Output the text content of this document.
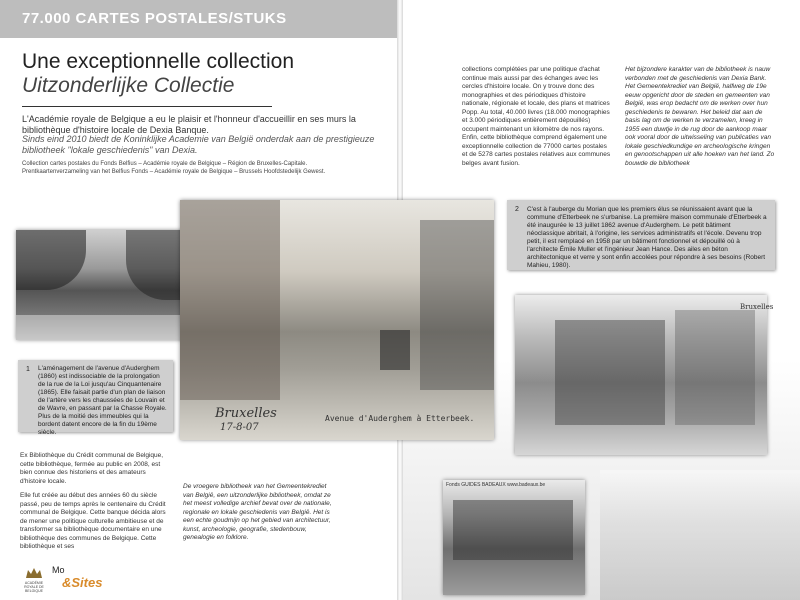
77.000 CARTES POSTALES/STUKS
Une exceptionnelle collection
Uitzonderlijke Collectie
L'Académie royale de Belgique a eu le plaisir et l'honneur d'accueillir en ses murs la bibliothèque d'histoire locale de Dexia Banque.
Sinds eind 2010 biedt de Koninklijke Academie van België onderdak aan de prestigieuze bibliotheek "lokale geschiedenis" van Dexia.
Collection cartes postales du Fonds Belfius – Académie royale de Belgique – Région de Bruxelles-Capitale.
Prentkaartenverzameling van het Belfius Fonds – Académie royale de Belgique – Brussels Hoofdstedelijk Gewest.

Ex Bibliothèque du Crédit communal de Belgique, cette bibliothèque, fermée au public en 2008, est bien connue des historiens et des amateurs d'histoire locale.

Elle fut créée au début des années 60 du siècle passé, peu de temps après le centenaire du Crédit communal de Belgique. Cette banque décida alors de mener une politique culturelle ambitieuse et de transformer sa bibliothèque documentaire en une bibliothèque des communes de Belgique. Cette bibliothèque et ses

De vroegere bibliotheek van het Gemeentekrediet van België, een uitzonderlijke bibliotheek, omdat ze het meest volledige archief bevat over de nationale, regionale en lokale geschiedenis van België. Het is een echte goudmijn op het gebied van architectuur, kunst, archeologie, geografie, stedenbouw, genealogie en folklore.
ACADÉMIE ROYALE DE BELGIQUE
Mo
&Sites
collections complétées par une politique d'achat continue mais aussi par des échanges avec les cercles d'histoire locale. On y trouve donc des monographies et des périodiques d'histoire nationale, régionale et locale, des plans et matrices Popp. Au total, 40.000 livres (18.000 monographies et 3.000 périodiques entièrement dépouillés) occupent maintenant un kilomètre de nos rayons. Enfin, cette bibliothèque comprend également une exceptionnelle collection de 77000 cartes postales et de 5278 cartes postales relatives aux communes belges avant fusion.
Het bijzondere karakter van de bibliotheek is nauw verbonden met de geschiedenis van Dexia Bank. Het Gemeentekrediet van België, halfweg de 19e eeuw opgericht door de steden en gemeenten van België, was erop bedacht om de werken over hun geschiedenis te bewaren. Het beleid dat aan de basis lag om de werken te verzamelen, kreeg in 1955 een duwtje in de rug door de aankoop maar ook vooral door de uitwisseling van publicaties van lokale geschiedkundige en archeologische kringen en genootschappen uit alle hoeken van het land. Zo bouwde de bibliotheek
Bruxelles
17-8-07
Avenue d'Auderghem à Etterbeek.
Bruxelles
Fonds GUIDES BADEAUX www.badeaux.be
1 L'aménagement de l'avenue d'Auderghem (1860) est indissociable de la prolongation de la rue de la Loi jusqu'au Cinquantenaire (1865). Elle faisait partie d'un plan de liaison de l'artère vers les chaussées de Louvain et de Wavre, en passant par la Chasse Royale. Plus de la moitié des immeubles qui la bordent datent encore de la fin du 19ème siècle.
2 C'est à l'auberge du Morian que les premiers élus se réunissaient avant que la commune d'Etterbeek ne s'urbanise. La première maison communale d'Etterbeek a été inaugurée le 13 juillet 1862 avenue d'Auderghem. Le petit bâtiment néoclassique abritait, à l'origine, les services administratifs et l'école. Devenu trop petit, il est remplacé en 1958 par un bâtiment fonctionnel et dépouillé où à l'architecte Émile Muller et l'ingénieur Jean Hance. Des ailes en béton architectonique et verre y sont enfin accolées pour répondre à ses besoins (Robert Mahieu, 1980).
